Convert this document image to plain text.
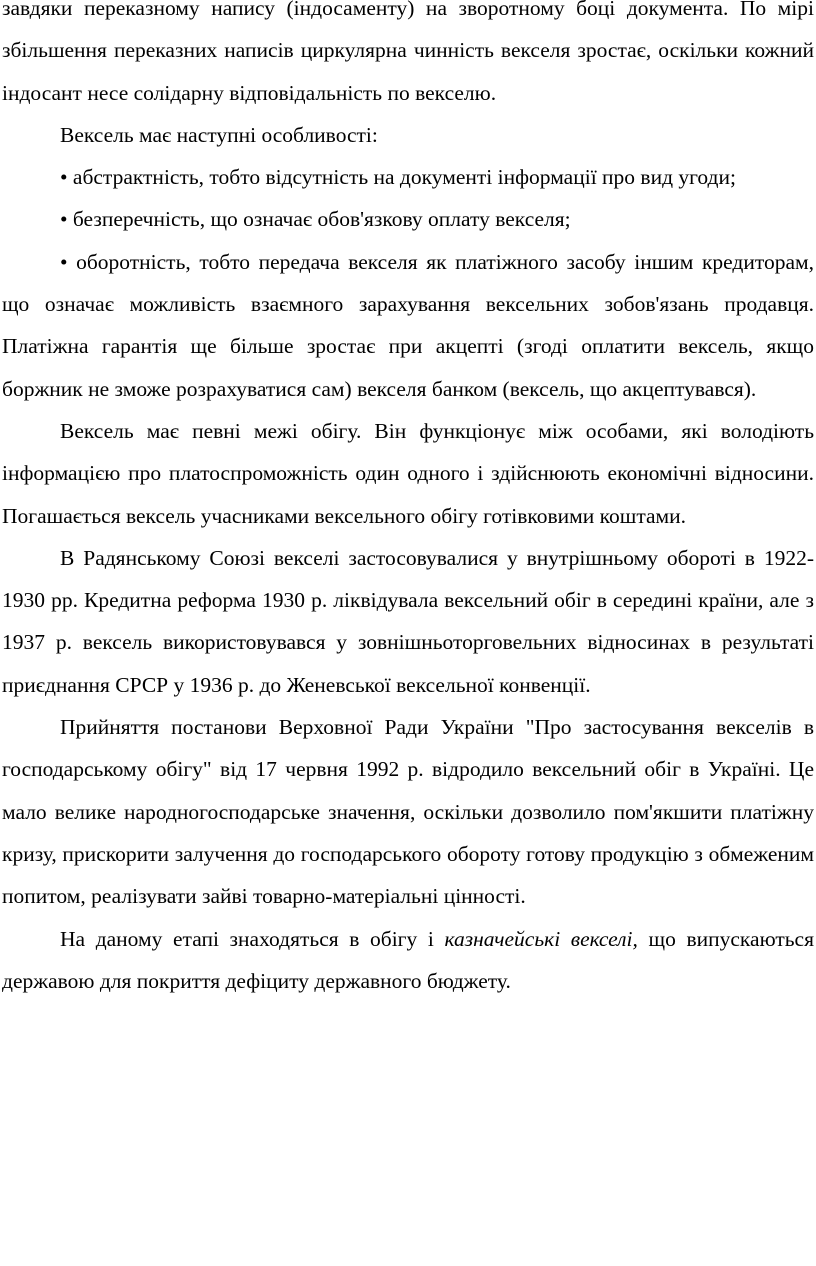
завдяки переказному напису (індосаменту) на зворотному боці документа. По мірі збільшення переказних написів циркулярна чинність векселя зростає, оскільки кожний індосант несе солідарну відповідальність по векселю.

Вексель має наступні особливості:

• абстрактність, тобто відсутність на документі інформації про вид угоди;

• безперечність, що означає обов'язкову оплату векселя;

• оборотність, тобто передача векселя як платіжного засобу іншим кредиторам, що означає можливість взаємного зарахування вексельних зобов'язань продавця. Платіжна гарантія ще більше зростає при акцепті (згоді оплатити вексель, якщо боржник не зможе розрахуватися сам) векселя банком (вексель, що акцептувався).

Вексель має певні межі обігу. Він функціонує між особами, які володіють інформацією про платоспроможність один одного і здійснюють економічні відносини. Погашається вексель учасниками вексельного обігу готівковими коштами.

В Радянському Союзі векселі застосовувалися у внутрішньому обороті в 1922-1930 рр. Кредитна реформа 1930 р. ліквідувала вексельний обіг в середині країни, але з 1937 р. вексель використовувався у зовнішньоторговельних відносинах в результаті приєднання СРСР у 1936 р. до Женевської вексельної конвенції.

Прийняття постанови Верховної Ради України "Про застосування векселів в господарському обігу" від 17 червня 1992 р. відродило вексельний обіг в Україні. Це мало велике народногосподарське значення, оскільки дозволило пом'якшити платіжну кризу, прискорити залучення до господарського обороту готову продукцію з обмеженим попитом, реалізувати зайві товарно-матеріальні цінності.

На даному етапі знаходяться в обігу і казначейські векселі, що випускаються державою для покриття дефіциту державного бюджету.
